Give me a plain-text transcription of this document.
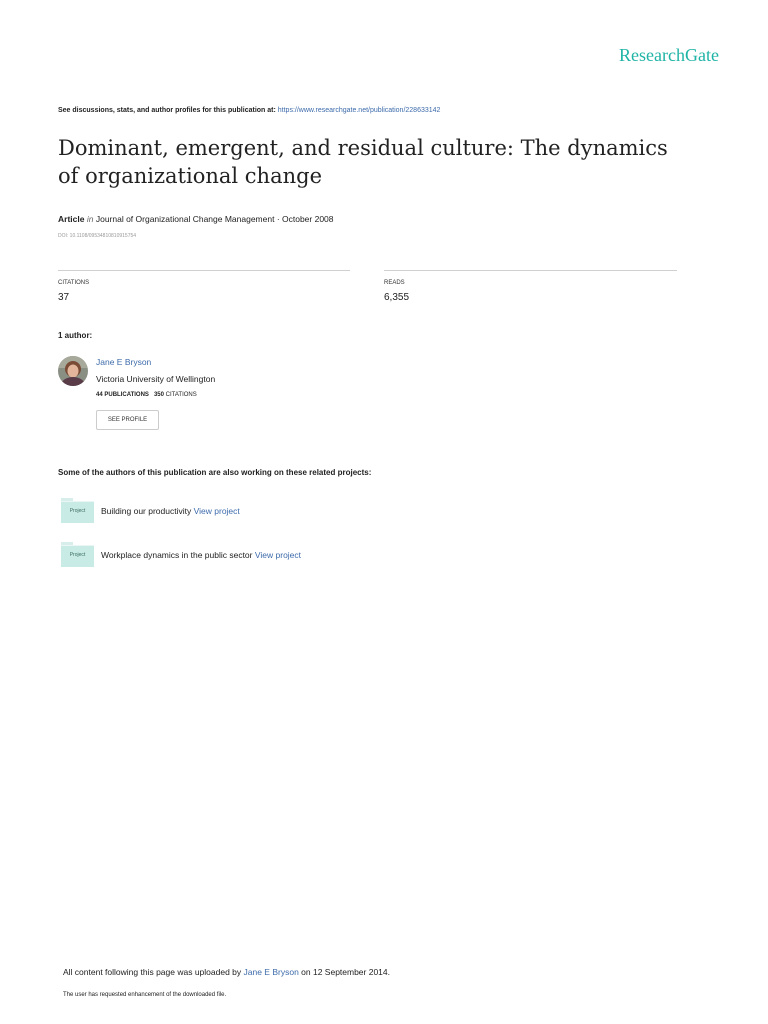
ResearchGate
See discussions, stats, and author profiles for this publication at: https://www.researchgate.net/publication/228633142
Dominant, emergent, and residual culture: The dynamics of organizational change
Article in Journal of Organizational Change Management · October 2008
DOI: 10.1108/09534810810915754
CITATIONS
37
READS
6,355
1 author:
Jane E Bryson
Victoria University of Wellington
44 PUBLICATIONS 350 CITATIONS
SEE PROFILE
Some of the authors of this publication are also working on these related projects:
Project	Building our productivity View project
Project	Workplace dynamics in the public sector View project
All content following this page was uploaded by Jane E Bryson on 12 September 2014.
The user has requested enhancement of the downloaded file.
